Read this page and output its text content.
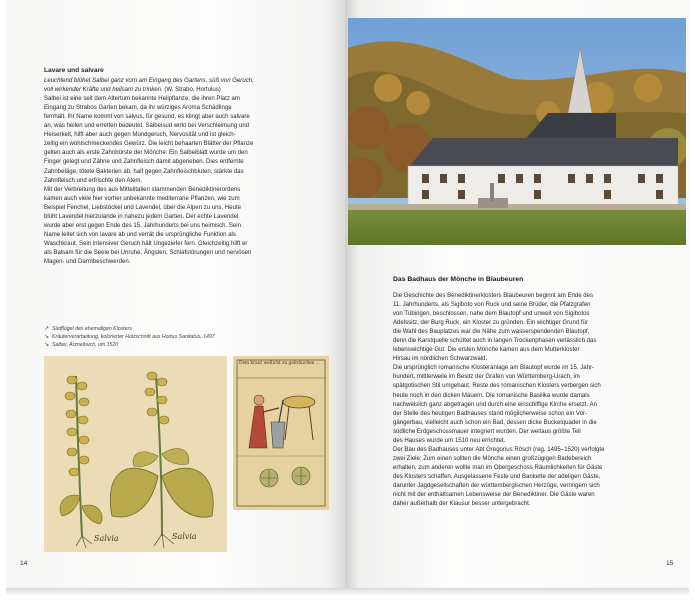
Lavare und salvare
Leuchtend blühet Salbei ganz vorn am Eingang des Gartens, süß von Geruch,
voll wirkender Kräfte und heilsam zu trinken. (W. Strabo, Hortulus)
Salbei ist eine seit dem Altertum bekannte Heilpflanze, die ihren Platz am
Eingang zu Strabos Garten bekam, da ihr würziges Aroma Schädlinge
fernhält. Ihr Name kommt von salvus, für gesund, es klingt aber auch salvare
an, was heilen und erretten bedeutet. Salbeisud wirkt bei Verschleimung und
Heiserkeit, hilft aber auch gegen Mundgeruch, Nervosität und ist gleich-
zeitig ein wohlschmeckendes Gewürz. Die leicht behaarten Blätter der Pflanze
gelten auch als erste Zahnbürste der Mönche: Ein Salbeiblatt wurde um den
Finger gelegt und Zähne und Zahnfleisch damit abgerieben. Dies entfernte
Zahnbeläge, tötete Bakterien ab, half gegen Zahnfleischbluten, stärkte das
Zahnfleisch und erfrischte den Atem.
Mit der Verbreitung des aus Mittelitalien stammenden Benediktinerordens
kamen auch viele hier vorher unbekannte mediterrane Pflanzen, wie zum
Beispiel Fenchel, Liebstöckel und Lavendel, über die Alpen zu uns. Heute
blüht Lavendel hierzulande in nahezu jedem Garten. Der echte Lavendel
wurde aber erst gegen Ende des 15. Jahrhunderts bei uns heimisch. Sein
Name leitet sich von lavare ab und verrät die ursprüngliche Funktion als
Waschkraut. Sein intensiver Geruch hält Ungeziefer fern. Gleichzeitig hilft er
als Balsam für die Seele bei Unruhe, Ängsten, Schlafstörungen und nervösen
Magen- und Darmbeschwerden.
↗ Südflügel des ehemaligen Klosters
↘ Kräuterverarbeitung, kolorierter Holzschnitt aus Hortus Sanitatus, 1497
↘ Salbei, Arzneibuch, um 1520
Salvia	Salvia
Dem kraut wellicht zu gebräuchen ...
14
Das Badhaus der Mönche in Blaubeuren
Die Geschichte des Benediktinerklosters Blaubeuren beginnt am Ende des
11. Jahrhunderts, als Sigiboto von Ruck und seine Brüder, die Pfalzgrafen
von Tübingen, beschlossen, nahe dem Blautopf und unweit von Sigibotos
Adelssitz, der Burg Ruck, ein Kloster zu gründen. Ein wichtiger Grund für
die Wahl des Bauplatzes war die Nähe zum wasserspendenden Blautopf,
denn die Karstquelle schüttet auch in langen Trockenphasen verlässlich das
lebenswichtige Gut. Die ersten Mönche kamen aus dem Mutterkloster
Hirsau im nördlichen Schwarzwald.
Die ursprünglich romanische Klosteranlage am Blautopf wurde im 15. Jahr-
hundert, mittlerweile im Besitz der Grafen von Württemberg-Urach, im
spätgotischen Stil umgebaut. Reste des romanischen Klosters verbergen sich
heute noch in den dicken Mauern. Die romanische Basilika wurde damals
nachweislich ganz abgetragen und durch eine einschiffige Kirche ersetzt. An
der Stelle des heutigen Badhauses stand möglicherweise schon ein Vor-
gängerbau, vielleicht auch schon ein Bad, dessen dicke Buckelquader in die
südliche Erdgeschossmauer integriert wurden. Der weitaus größte Teil
des Hauses wurde um 1510 neu errichtet.
Der Bau des Badhauses unter Abt Gregorius Rösch (reg. 1495–1520) verfolgte
zwei Ziele: Zum einen sollten die Mönche einen großzügigen Badebereich
erhalten, zum anderen wollte man im Obergeschoss Räumlichkeiten für Gäste
des Klosters schaffen. Ausgelassene Feste und Bankette der adeligen Gäste,
darunter Jagdgesellschaften der württembergischen Herzöge, verringern sich
nicht mit der enthaltsamen Lebensweise der Benediktiner. Die Gäste waren
daher außerhalb der Klausur besser untergebracht.
15
